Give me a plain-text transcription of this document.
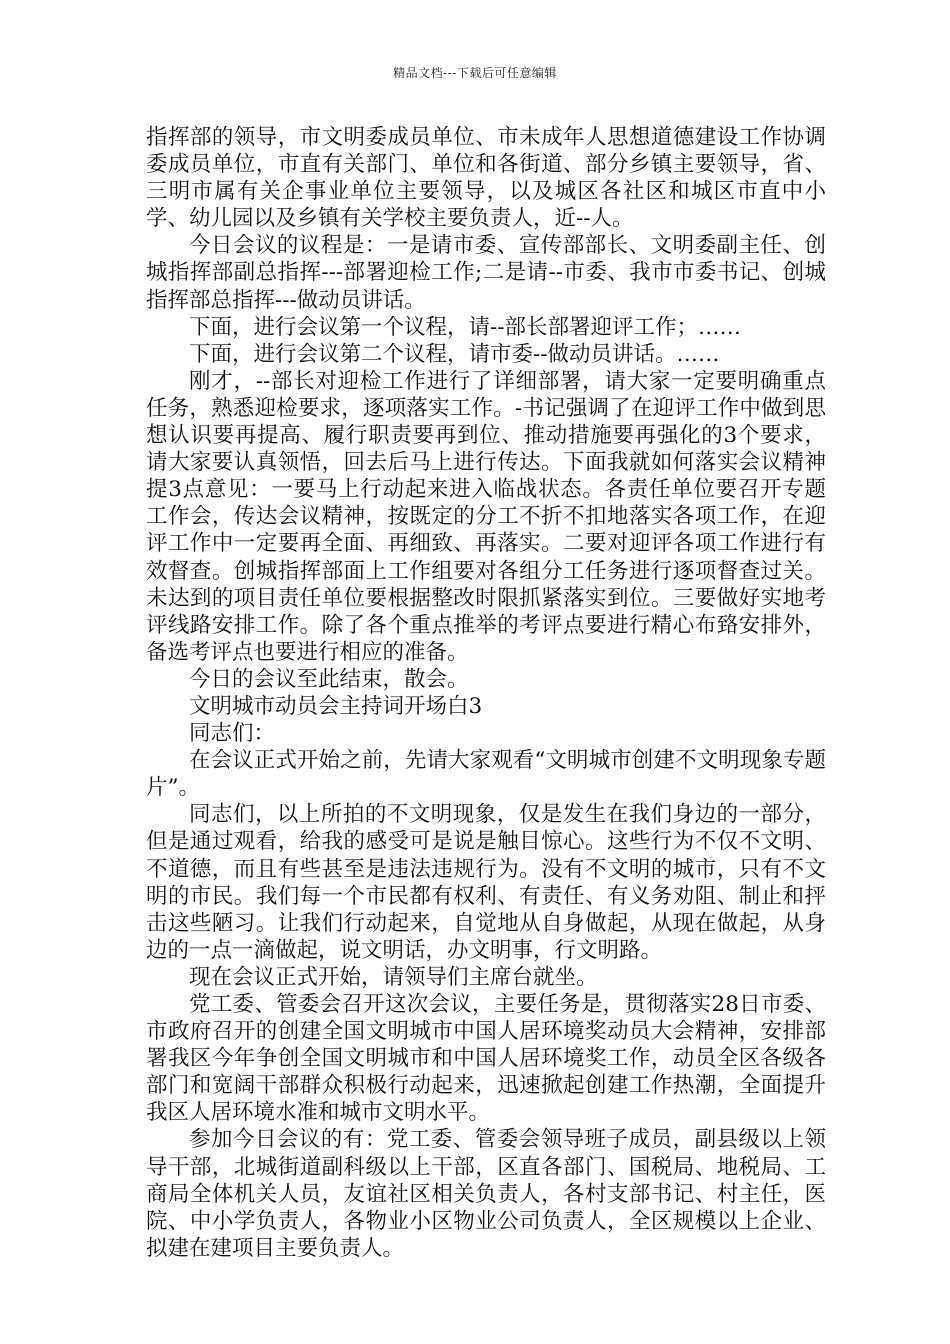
精品文档---下载后可任意编辑

指挥部的领导，市文明委成员单位、市未成年人思想道德建设工作协调委成员单位，市直有关部门、单位和各街道、部分乡镇主要领导，省、三明市属有关企事业单位主要领导，以及城区各社区和城区市直中小学、幼儿园以及乡镇有关学校主要负责人，近--人。

今日会议的议程是：一是请市委、宣传部部长、文明委副主任、创城指挥部副总指挥---部署迎检工作;二是请--市委、我市市委书记、创城指挥部总指挥---做动员讲话。

下面，进行会议第一个议程，请--部长部署迎评工作；……

下面，进行会议第二个议程，请市委--做动员讲话。……

刚才，--部长对迎检工作进行了详细部署，请大家一定要明确重点任务，熟悉迎检要求，逐项落实工作。-书记强调了在迎评工作中做到思想认识要再提高、履行职责要再到位、推动措施要再强化的3个要求，请大家要认真领悟，回去后马上进行传达。下面我就如何落实会议精神提3点意见：一要马上行动起来进入临战状态。各责任单位要召开专题工作会，传达会议精神，按既定的分工不折不扣地落实各项工作，在迎评工作中一定要再全面、再细致、再落实。二要对迎评各项工作进行有效督查。创城指挥部面上工作组要对各组分工任务进行逐项督查过关。未达到的项目责任单位要根据整改时限抓紧落实到位。三要做好实地考评线路安排工作。除了各个重点推举的考评点要进行精心布臵安排外，备选考评点也要进行相应的准备。

今日的会议至此结束，散会。

文明城市动员会主持词开场白3

同志们：

在会议正式开始之前，先请大家观看“文明城市创建不文明现象专题片”。

同志们，以上所拍的不文明现象，仅是发生在我们身边的一部分，但是通过观看，给我的感受可是说是触目惊心。这些行为不仅不文明、不道德，而且有些甚至是违法违规行为。没有不文明的城市，只有不文明的市民。我们每一个市民都有权利、有责任、有义务劝阻、制止和抨击这些陋习。让我们行动起来，自觉地从自身做起，从现在做起，从身边的一点一滴做起，说文明话，办文明事，行文明路。

现在会议正式开始，请领导们主席台就坐。

党工委、管委会召开这次会议，主要任务是，贯彻落实28日市委、市政府召开的创建全国文明城市中国人居环境奖动员大会精神，安排部署我区今年争创全国文明城市和中国人居环境奖工作，动员全区各级各部门和宽阔干部群众积极行动起来，迅速掀起创建工作热潮，全面提升我区人居环境水准和城市文明水平。

参加今日会议的有：党工委、管委会领导班子成员，副县级以上领导干部，北城街道副科级以上干部，区直各部门、国税局、地税局、工商局全体机关人员，友谊社区相关负责人，各村支部书记、村主任，医院、中小学负责人，各物业小区物业公司负责人，全区规模以上企业、拟建在建项目主要负责人。
